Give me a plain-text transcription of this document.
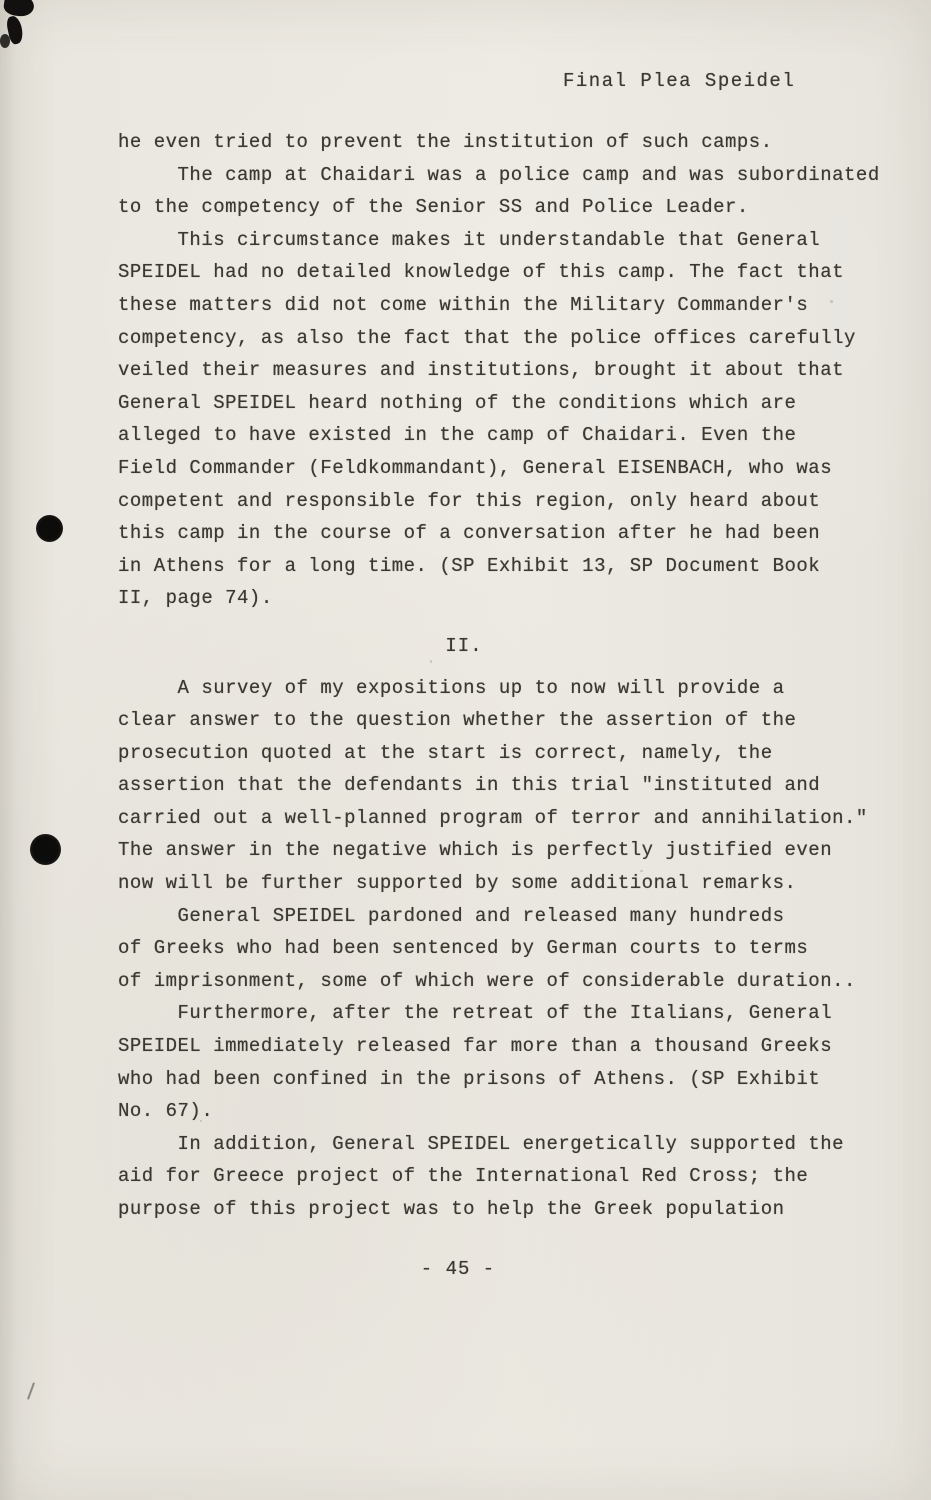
Final Plea Speidel
he even tried to prevent the institution of such camps.
The camp at Chaidari was a police camp and was subordinated
to the competency of the Senior SS and Police Leader.
This circumstance makes it understandable that General
SPEIDEL had no detailed knowledge of this camp. The fact that
these matters did not come within the Military Commander's
competency, as also the fact that the police offices carefully
veiled their measures and institutions, brought it about that
General SPEIDEL heard nothing of the conditions which are
alleged to have existed in the camp of Chaidari. Even the
Field Commander (Feldkommandant), General EISENBACH, who was
competent and responsible for this region, only heard about
this camp in the course of a conversation after he had been
in Athens for a long time. (SP Exhibit 13, SP Document Book
II, page 74).
II.
A survey of my expositions up to now will provide a
clear answer to the question whether the assertion of the
prosecution quoted at the start is correct, namely, the
assertion that the defendants in this trial "instituted and
carried out a well-planned program of terror and annihilation."
The answer in the negative which is perfectly justified even
now will be further supported by some additional remarks.
General SPEIDEL pardoned and released many hundreds
of Greeks who had been sentenced by German courts to terms
of imprisonment, some of which were of considerable duration..
Furthermore, after the retreat of the Italians, General
SPEIDEL immediately released far more than a thousand Greeks
who had been confined in the prisons of Athens. (SP Exhibit
No. 67).
In addition, General SPEIDEL energetically supported the
aid for Greece project of the International Red Cross; the
purpose of this project was to help the Greek population
- 45 -
